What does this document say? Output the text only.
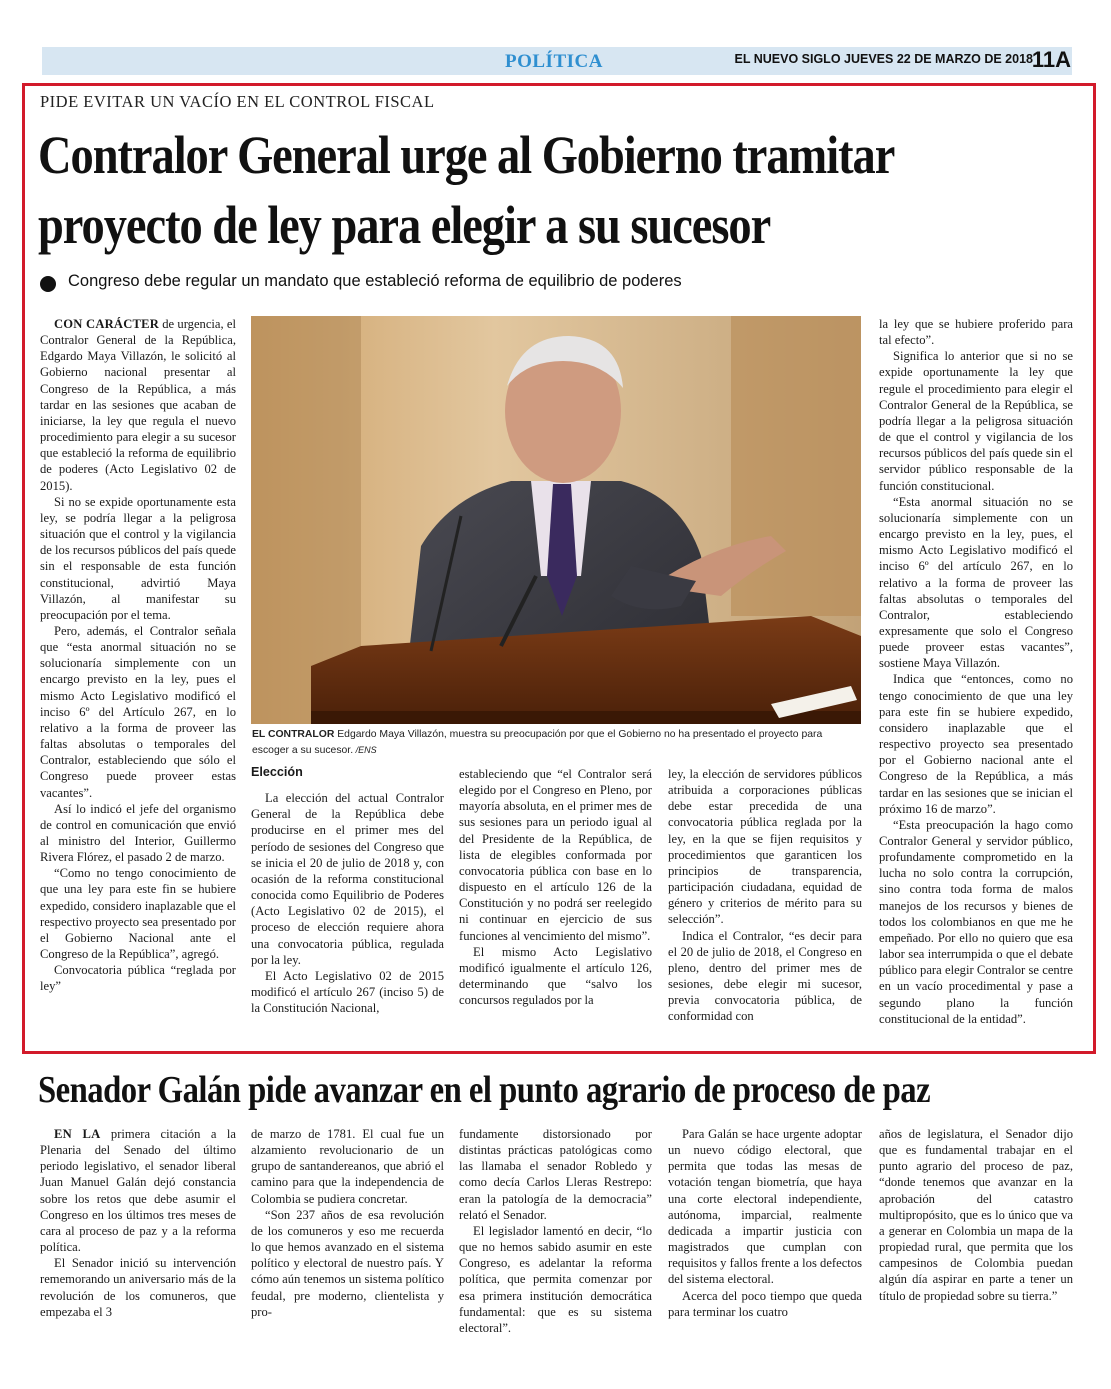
POLÍTICA	EL NUEVO SIGLO JUEVES 22 DE MARZO DE 2018
11A
PIDE EVITAR UN VACÍO EN EL CONTROL FISCAL
Contralor General urge al Gobierno tramitar
proyecto de ley para elegir a su sucesor
Congreso debe regular un mandato que estableció reforma de equilibrio de poderes

CON CARÁCTER de urgencia, el Contralor General de la República, Edgardo Maya Villazón, le solicitó al Gobierno nacional presentar al Congreso de la República, a más tardar en las sesiones que acaban de iniciarse, la ley que regula el nuevo procedimiento para elegir a su sucesor que estableció la reforma de equilibrio de poderes (Acto Legislativo 02 de 2015).

Si no se expide oportunamente esta ley, se podría llegar a la peligrosa situación que el control y la vigilancia de los recursos públicos del país quede sin el responsable de esta función constitucional, advirtió Maya Villazón, al manifestar su preocupación por el tema.

Pero, además, el Contralor señala que “esta anormal situación no se solucionaría simplemente con un encargo previsto en la ley, pues el mismo Acto Legislativo modificó el inciso 6º del Artículo 267, en lo relativo a la forma de proveer las faltas absolutas o temporales del Contralor, estableciendo que sólo el Congreso puede proveer estas vacantes”.

Así lo indicó el jefe del organismo de control en comunicación que envió al ministro del Interior, Guillermo Rivera Flórez, el pasado 2 de marzo.

“Como no tengo conocimiento de que una ley para este fin se hubiere expedido, considero inaplazable que el respectivo proyecto sea presentado por el Gobierno Nacional ante el Congreso de la República”, agregó.

Convocatoria pública “reglada por ley”

EL CONTRALOR Edgardo Maya Villazón, muestra su preocupación por que el Gobierno no ha presentado el proyecto para escoger a su sucesor. /ENS
Elección

La elección del actual Contralor General de la República debe producirse en el primer mes del período de sesiones del Congreso que se inicia el 20 de julio de 2018 y, con ocasión de la reforma constitucional conocida como Equilibrio de Poderes (Acto Legislativo 02 de 2015), el proceso de elección requiere ahora una convocatoria pública, regulada por la ley.

El Acto Legislativo 02 de 2015 modificó el artículo 267 (inciso 5) de la Constitución Nacional,

estableciendo que “el Contralor será elegido por el Congreso en Pleno, por mayoría absoluta, en el primer mes de sus sesiones para un periodo igual al del Presidente de la República, de lista de elegibles conformada por convocatoria pública con base en lo dispuesto en el artículo 126 de la Constitución y no podrá ser reelegido ni continuar en ejercicio de sus funciones al vencimiento del mismo”.

El mismo Acto Legislativo modificó igualmente el artículo 126, determinando que “salvo los concursos regulados por la

ley, la elección de servidores públicos atribuida a corporaciones públicas debe estar precedida de una convocatoria pública reglada por la ley, en la que se fijen requisitos y procedimientos que garanticen los principios de transparencia, participación ciudadana, equidad de género y criterios de mérito para su selección”.

Indica el Contralor, “es decir para el 20 de julio de 2018, el Congreso en pleno, dentro del primer mes de sesiones, debe elegir mi sucesor, previa convocatoria pública, de conformidad con

la ley que se hubiere proferido para tal efecto”.

Significa lo anterior que si no se expide oportunamente la ley que regule el procedimiento para elegir el Contralor General de la República, se podría llegar a la peligrosa situación de que el control y vigilancia de los recursos públicos del país quede sin el servidor público responsable de la función constitucional.

“Esta anormal situación no se solucionaría simplemente con un encargo previsto en la ley, pues, el mismo Acto Legislativo modificó el inciso 6º del artículo 267, en lo relativo a la forma de proveer las faltas absolutas o temporales del Contralor, estableciendo expresamente que solo el Congreso puede proveer estas vacantes”, sostiene Maya Villazón.

Indica que “entonces, como no tengo conocimiento de que una ley para este fin se hubiere expedido, considero inaplazable que el respectivo proyecto sea presentado por el Gobierno nacional ante el Congreso de la República, a más tardar en las sesiones que se inician el próximo 16 de marzo”.

“Esta preocupación la hago como Contralor General y servidor público, profundamente comprometido en la lucha no solo contra la corrupción, sino contra toda forma de malos manejos de los recursos y bienes de todos los colombianos en que me he empeñado. Por ello no quiero que esa labor sea interrumpida o que el debate público para elegir Contralor se centre en un vacío procedimental y pase a segundo plano la función constitucional de la entidad”.

Senador Galán pide avanzar en el punto agrario de proceso de paz

EN LA primera citación a la Plenaria del Senado del último periodo legislativo, el senador liberal Juan Manuel Galán dejó constancia sobre los retos que debe asumir el Congreso en los últimos tres meses de cara al proceso de paz y a la reforma política.

El Senador inició su intervención rememorando un aniversario más de la revolución de los comuneros, que empezaba el 3

de marzo de 1781. El cual fue un alzamiento revolucionario de un grupo de santandereanos, que abrió el camino para que la independencia de Colombia se pudiera concretar.

“Son 237 años de esa revolución de los comuneros y eso me recuerda lo que hemos avanzado en el sistema político y electoral de nuestro país. Y cómo aún tenemos un sistema político feudal, pre moderno, clientelista y pro-

fundamente distorsionado por distintas prácticas patológicas como las llamaba el senador Robledo y como decía Carlos Lleras Restrepo: eran la patología de la democracia” relató el Senador.

El legislador lamentó en decir, “lo que no hemos sabido asumir en este Congreso, es adelantar la reforma política, que permita comenzar por esa primera institución democrática fundamental: que es su sistema electoral”.

Para Galán se hace urgente adoptar un nuevo código electoral, que permita que todas las mesas de votación tengan biometría, que haya una corte electoral independiente, autónoma, imparcial, realmente dedicada a impartir justicia con magistrados que cumplan con requisitos y fallos frente a los defectos del sistema electoral.

Acerca del poco tiempo que queda para terminar los cuatro

años de legislatura, el Senador dijo que es fundamental trabajar en el punto agrario del proceso de paz, “donde tenemos que avanzar en la aprobación del catastro multipropósito, que es lo único que va a generar en Colombia un mapa de la propiedad rural, que permita que los campesinos de Colombia puedan algún día aspirar en parte a tener un título de propiedad sobre su tierra.”
